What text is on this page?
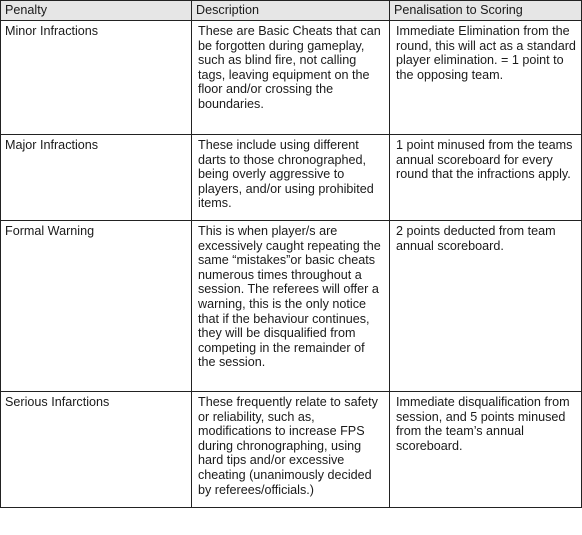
Penalty	Description	Penalisation to Scoring
Minor Infractions	These are Basic Cheats that can be forgotten during gameplay, such as blind fire, not calling tags, leaving equipment on the floor and/or crossing the boundaries.	Immediate Elimination from the round, this will act as a standard player elimination. = 1 point to the opposing team.
Major Infractions	These include using different darts to those chronographed, being overly aggressive to players, and/or using prohibited items.	1 point minused from the teams annual scoreboard for every round that the infractions apply.
Formal Warning	This is when player/s are excessively caught repeating the same “mistakes”or basic cheats numerous times throughout a session. The referees will offer a warning, this is the only notice that if the behaviour continues, they will be disqualified from competing in the remainder of the session.	2 points deducted from team annual scoreboard.
Serious Infarctions	These frequently relate to safety or reliability, such as, modifications to increase FPS during chronographing, using hard tips and/or excessive cheating (unanimously decided by referees/officials.)	Immediate disqualification from session, and 5 points minused from the team’s annual scoreboard.
